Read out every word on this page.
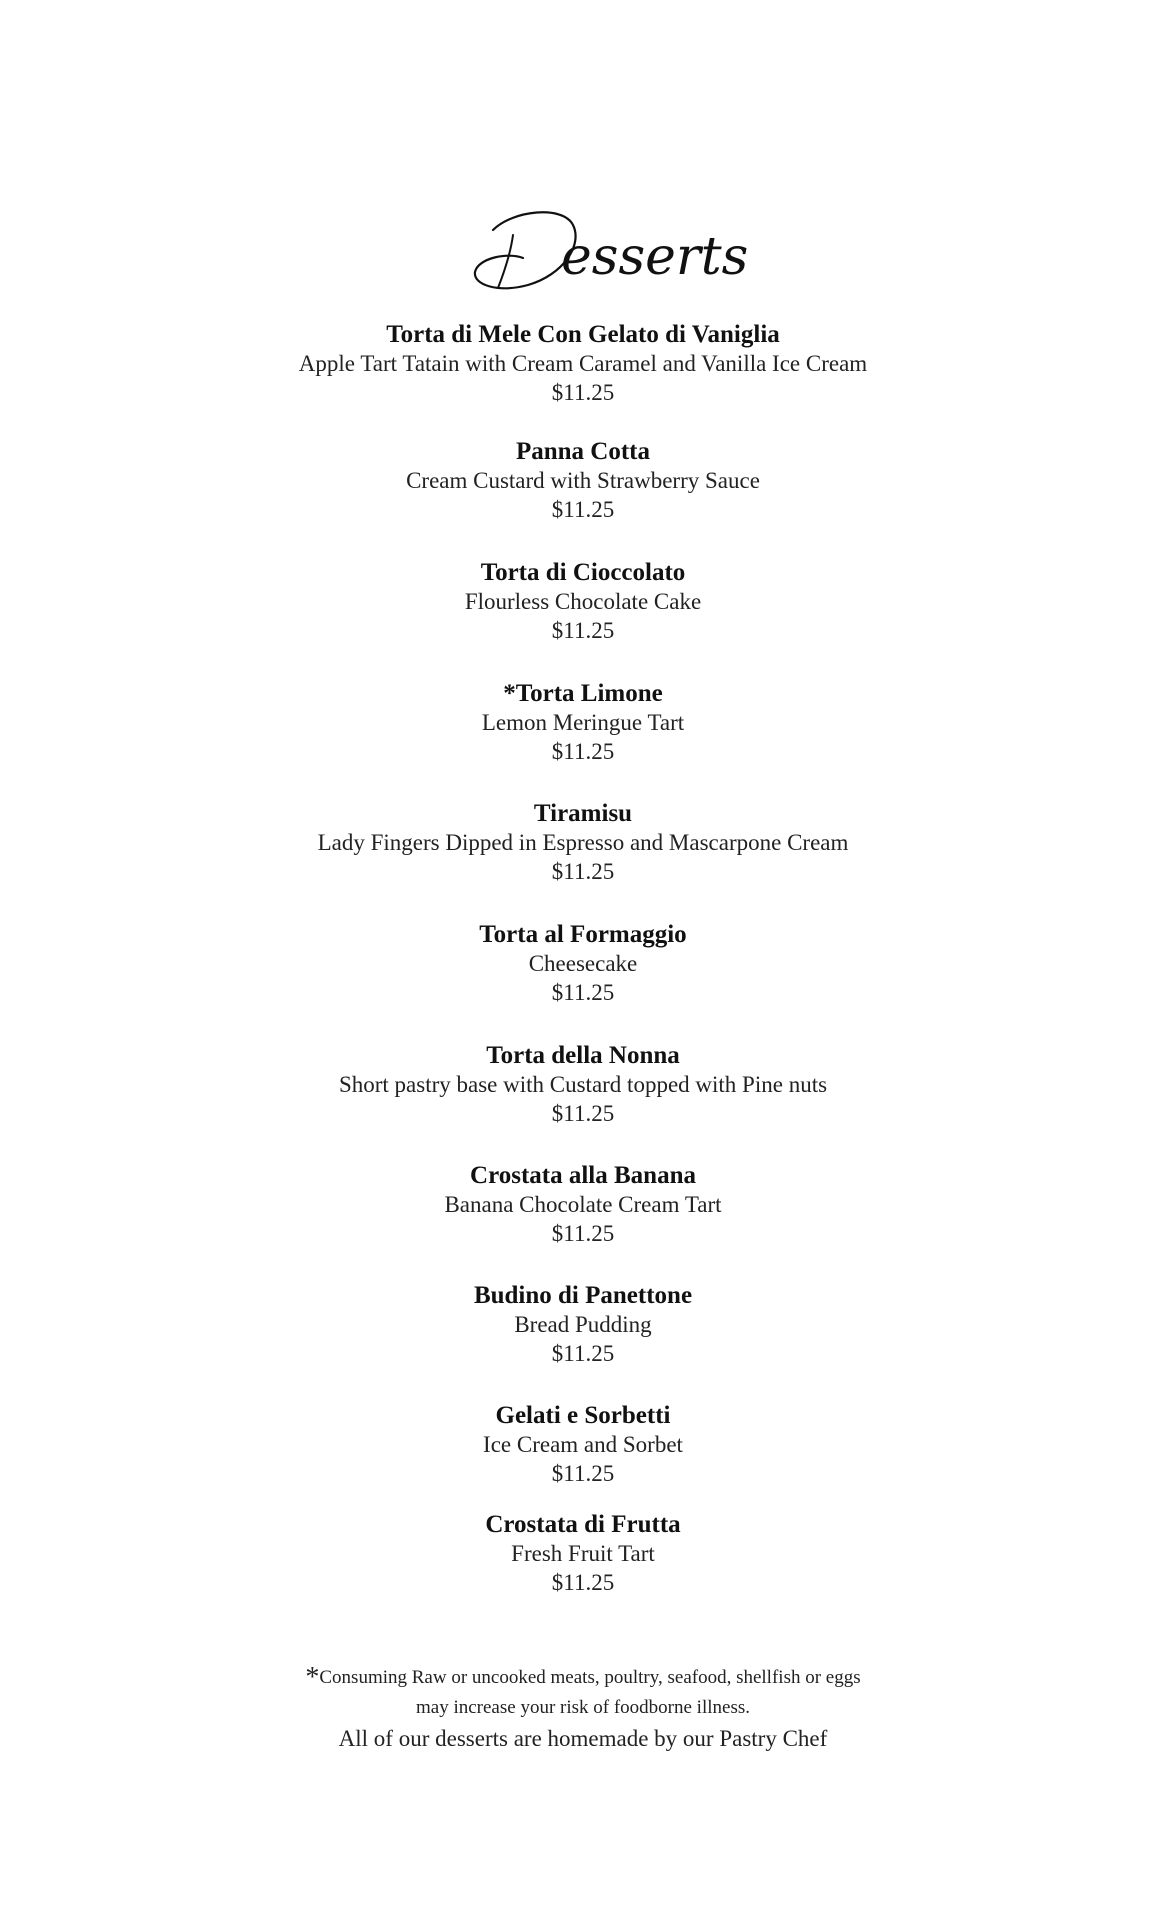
esserts
Torta di Mele Con Gelato di Vaniglia
Apple Tart Tatain with Cream Caramel and Vanilla Ice Cream
$11.25
Panna Cotta
Cream Custard with Strawberry Sauce
$11.25
Torta di Cioccolato
Flourless Chocolate Cake
$11.25
*Torta Limone
Lemon Meringue Tart
$11.25
Tiramisu
Lady Fingers Dipped in Espresso and Mascarpone Cream
$11.25
Torta al Formaggio
Cheesecake
$11.25
Torta della Nonna
Short pastry base with Custard topped with Pine nuts
$11.25
Crostata alla Banana
Banana Chocolate Cream Tart
$11.25
Budino di Panettone
Bread Pudding
$11.25
Gelati e Sorbetti
Ice Cream and Sorbet
$11.25
Crostata di Frutta
Fresh Fruit Tart
$11.25
*Consuming Raw or uncooked meats, poultry, seafood, shellfish or eggs
may increase your risk of foodborne illness.
All of our desserts are homemade by our Pastry Chef
